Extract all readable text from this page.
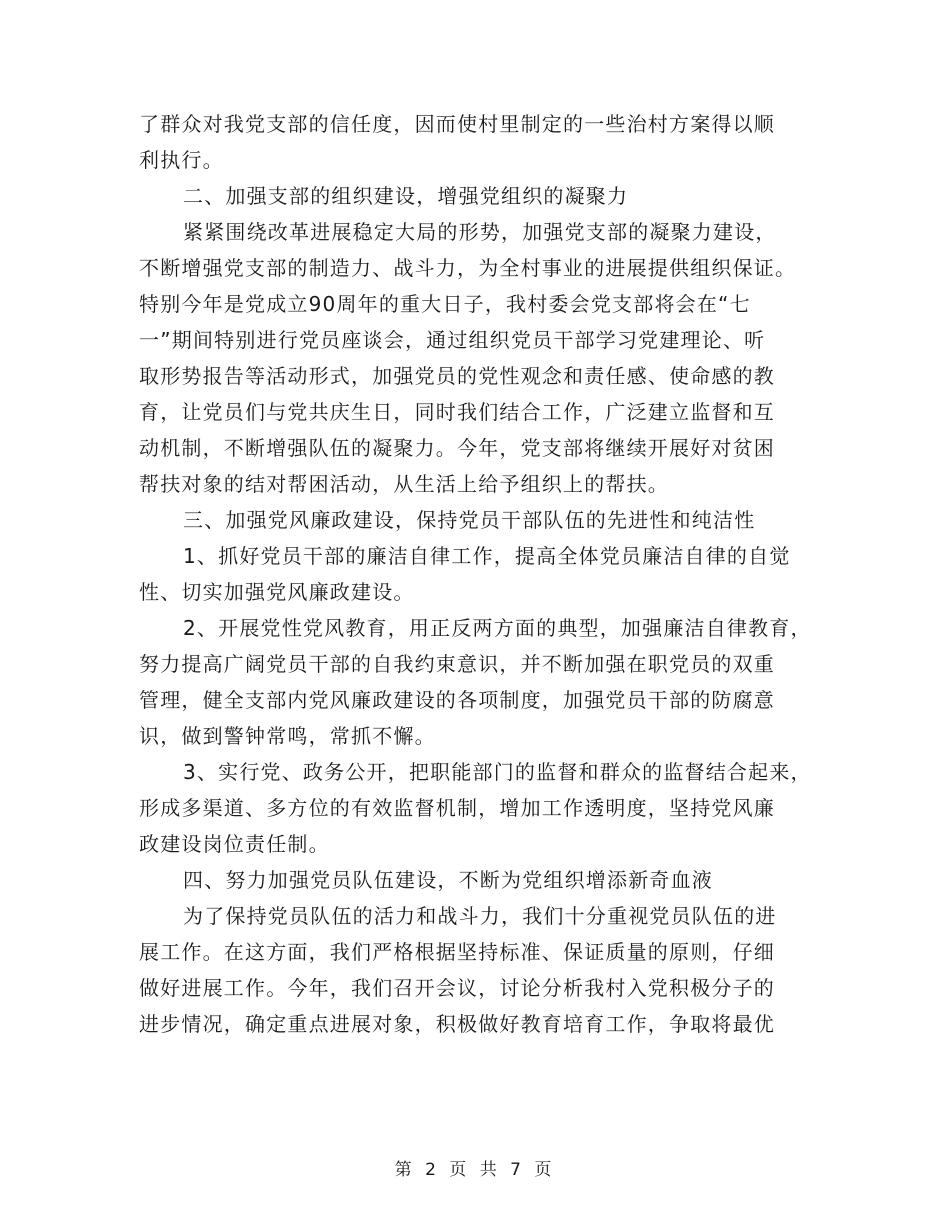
了群众对我党支部的信任度，因而使村里制定的一些治村方案得以顺
利执行。
二、加强支部的组织建设，增强党组织的凝聚力
紧紧围绕改革进展稳定大局的形势，加强党支部的凝聚力建设，
不断增强党支部的制造力、战斗力，为全村事业的进展提供组织保证。
特别今年是党成立90周年的重大日子，我村委会党支部将会在“七
一”期间特别进行党员座谈会，通过组织党员干部学习党建理论、听
取形势报告等活动形式，加强党员的党性观念和责任感、使命感的教
育，让党员们与党共庆生日，同时我们结合工作，广泛建立监督和互
动机制，不断增强队伍的凝聚力。今年，党支部将继续开展好对贫困
帮扶对象的结对帮困活动，从生活上给予组织上的帮扶。
三、加强党风廉政建设，保持党员干部队伍的先进性和纯洁性
1、抓好党员干部的廉洁自律工作，提高全体党员廉洁自律的自觉
性、切实加强党风廉政建设。
2、开展党性党风教育，用正反两方面的典型，加强廉洁自律教育，
努力提高广阔党员干部的自我约束意识，并不断加强在职党员的双重
管理，健全支部内党风廉政建设的各项制度，加强党员干部的防腐意
识，做到警钟常鸣，常抓不懈。
3、实行党、政务公开，把职能部门的监督和群众的监督结合起来，
形成多渠道、多方位的有效监督机制，增加工作透明度，坚持党风廉
政建设岗位责任制。
四、努力加强党员队伍建设，不断为党组织增添新奇血液
为了保持党员队伍的活力和战斗力，我们十分重视党员队伍的进
展工作。在这方面，我们严格根据坚持标准、保证质量的原则，仔细
做好进展工作。今年，我们召开会议，讨论分析我村入党积极分子的
进步情况，确定重点进展对象，积极做好教育培育工作，争取将最优
第 2 页 共 7 页
